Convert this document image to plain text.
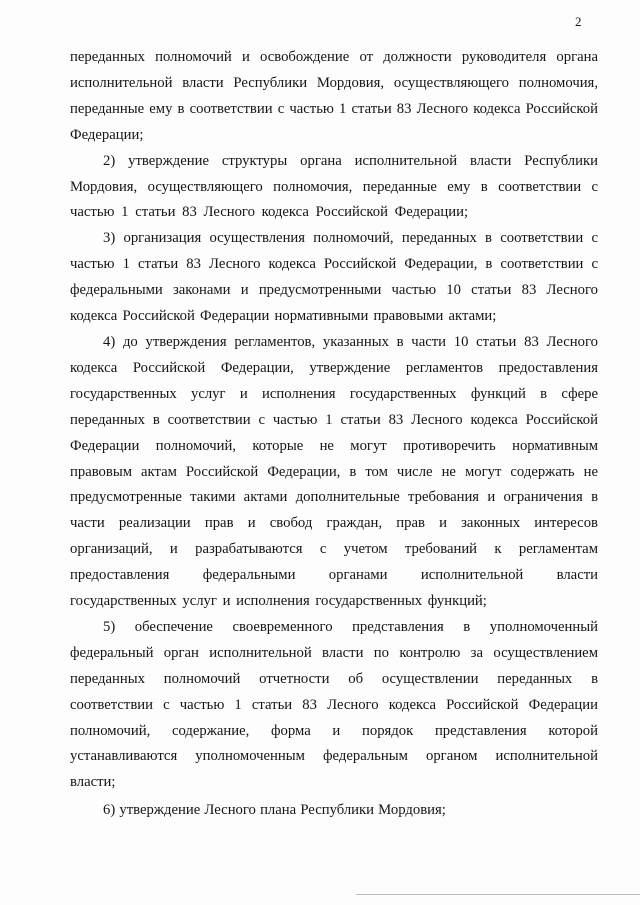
2

переданных полномочий и освобождение от должности руководителя органа исполнительной власти Республики Мордовия, осуществляющего полномочия, переданные ему в соответствии с частью 1 статьи 83 Лесного кодекса Российской Федерации;

2) утверждение структуры органа исполнительной власти Республики Мордовия, осуществляющего полномочия, переданные ему в соответствии с частью 1 статьи 83 Лесного кодекса Российской Федерации;

3) организация осуществления полномочий, переданных в соответствии с частью 1 статьи 83 Лесного кодекса Российской Федерации, в соответствии с федеральными законами и предусмотренными частью 10 статьи 83 Лесного кодекса Российской Федерации нормативными правовыми актами;

4) до утверждения регламентов, указанных в части 10 статьи 83 Лесного кодекса Российской Федерации, утверждение регламентов предоставления государственных услуг и исполнения государственных функций в сфере переданных в соответствии с частью 1 статьи 83 Лесного кодекса Российской Федерации полномочий, которые не могут противоречить нормативным правовым актам Российской Федерации, в том числе не могут содержать не предусмотренные такими актами дополнительные требования и ограничения в части реализации прав и свобод граждан, прав и законных интересов организаций, и разрабатываются с учетом требований к регламентам предоставления федеральными органами исполнительной власти государственных услуг и исполнения государственных функций;

5) обеспечение своевременного представления в уполномоченный федеральный орган исполнительной власти по контролю за осуществлением переданных полномочий отчетности об осуществлении переданных в соответствии с частью 1 статьи 83 Лесного кодекса Российской Федерации полномочий, содержание, форма и порядок представления которой устанавливаются уполномоченным федеральным органом исполнительной власти;

6) утверждение Лесного плана Республики Мордовия;
